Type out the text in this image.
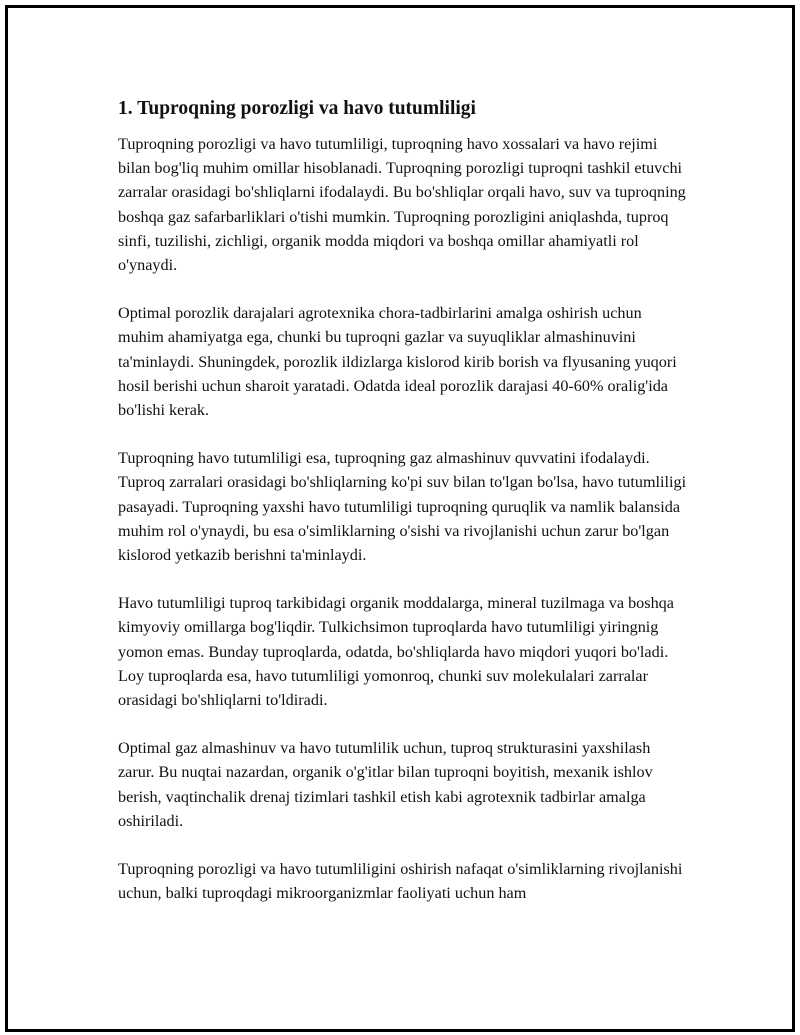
1. Tuproqning porozligi va havo tutumliligi

Tuproqning porozligi va havo tutumliligi, tuproqning havo xossalari va havo rejimi bilan bog'liq muhim omillar hisoblanadi. Tuproqning porozligi tuproqni tashkil etuvchi zarralar orasidagi bo'shliqlarni ifodalaydi. Bu bo'shliqlar orqali havo, suv va tuproqning boshqa gaz safarbarliklari o'tishi mumkin. Tuproqning porozligini aniqlashda, tuproq sinfi, tuzilishi, zichligi, organik modda miqdori va boshqa omillar ahamiyatli rol o'ynaydi.

Optimal porozlik darajalari agrotexnika chora-tadbirlarini amalga oshirish uchun muhim ahamiyatga ega, chunki bu tuproqni gazlar va suyuqliklar almashinuvini ta'minlaydi. Shuningdek, porozlik ildizlarga kislorod kirib borish va flyusaning yuqori hosil berishi uchun sharoit yaratadi. Odatda ideal porozlik darajasi 40-60% oralig'ida bo'lishi kerak.

Tuproqning havo tutumliligi esa, tuproqning gaz almashinuv quvvatini ifodalaydi. Tuproq zarralari orasidagi bo'shliqlarning ko'pi suv bilan to'lgan bo'lsa, havo tutumliligi pasayadi. Tuproqning yaxshi havo tutumliligi tuproqning quruqlik va namlik balansida muhim rol o'ynaydi, bu esa o'simliklarning o'sishi va rivojlanishi uchun zarur bo'lgan kislorod yetkazib berishni ta'minlaydi.

Havo tutumliligi tuproq tarkibidagi organik moddalarga, mineral tuzilmaga va boshqa kimyoviy omillarga bog'liqdir. Tulkichsimon tuproqlarda havo tutumliligi yiringnig yomon emas. Bunday tuproqlarda, odatda, bo'shliqlarda havo miqdori yuqori bo'ladi. Loy tuproqlarda esa, havo tutumliligi yomonroq, chunki suv molekulalari zarralar orasidagi bo'shliqlarni to'ldiradi.

Optimal gaz almashinuv va havo tutumlilik uchun, tuproq strukturasini yaxshilash zarur. Bu nuqtai nazardan, organik o'g'itlar bilan tuproqni boyitish, mexanik ishlov berish, vaqtinchalik drenaj tizimlari tashkil etish kabi agrotexnik tadbirlar amalga oshiriladi.

Tuproqning porozligi va havo tutumliligini oshirish nafaqat o'simliklarning rivojlanishi uchun, balki tuproqdagi mikroorganizmlar faoliyati uchun ham
